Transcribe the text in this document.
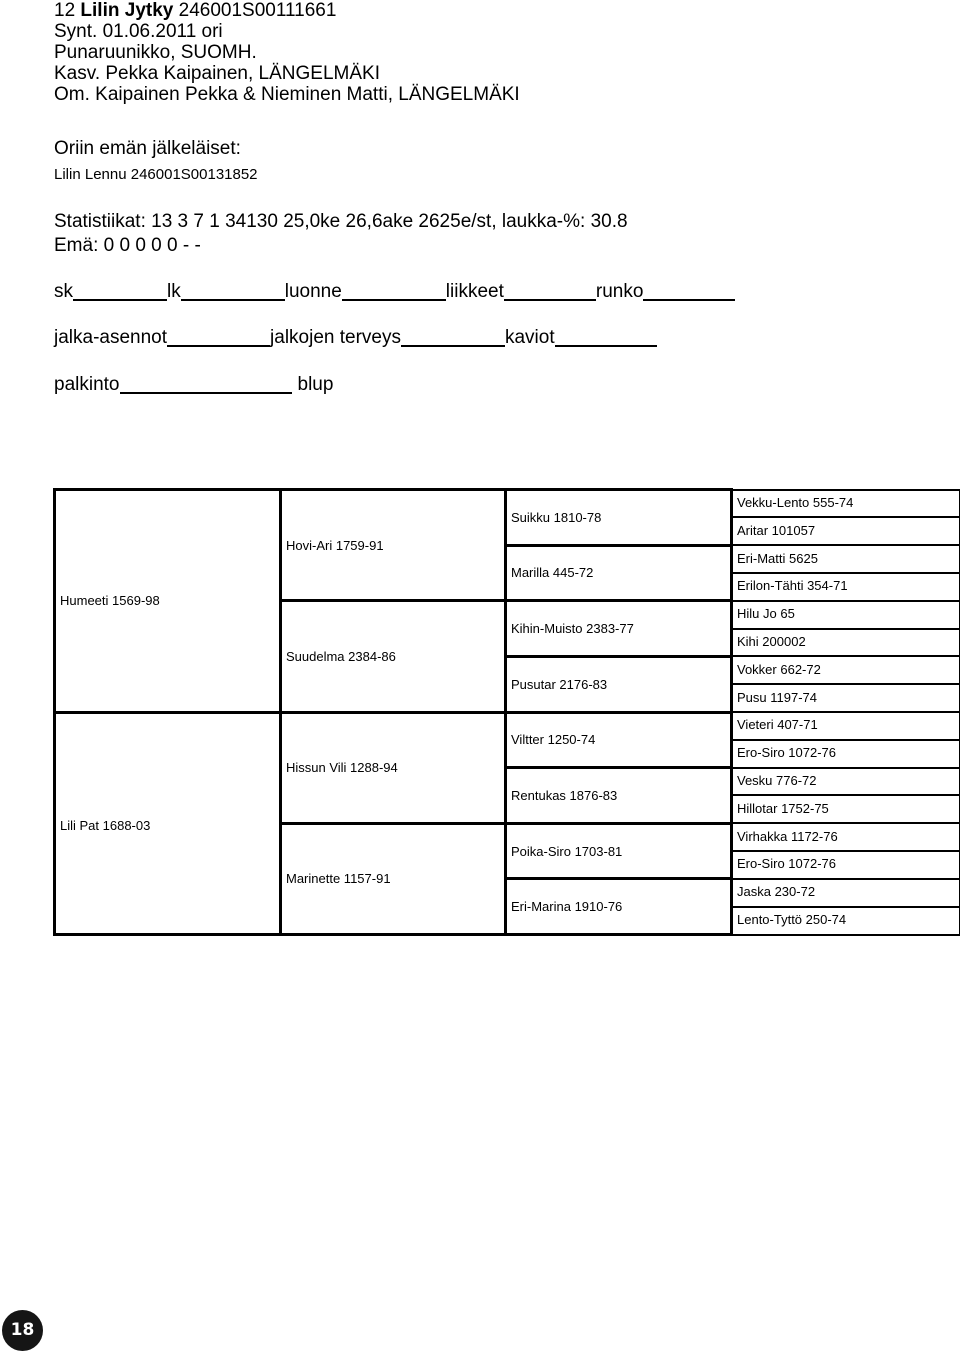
12 Lilin Jytky 246001S00111661
Synt. 01.06.2011 ori
Punaruunikko, SUOMH.
Kasv. Pekka Kaipainen, LÄNGELMÄKI
Om. Kaipainen Pekka & Nieminen Matti, LÄNGELMÄKI
Oriin emän jälkeläiset:
Lilin Lennu 246001S00131852
Statistiikat: 13 3 7 1 34130 25,0ke 26,6ake 2625e/st, laukka-%: 30.8
Emä: 0 0 0 0 0 - -
sk	lk	luonne	liikkeet	runko
jalka-asennot	jalkojen terveys	kaviot
palkinto	blup
Humeeti 1569-98	Hovi-Ari 1759-91	Suikku 1810-78	Vekku-Lento 555-74
			Aritar 101057
		Marilla 445-72	Eri-Matti 5625
			Erilon-Tähti 354-71
	Suudelma 2384-86	Kihin-Muisto 2383-77	Hilu Jo 65
			Kihi 200002
		Pusutar 2176-83	Vokker 662-72
			Pusu 1197-74
Lili Pat 1688-03	Hissun Vili 1288-94	Viltter 1250-74	Vieteri 407-71
			Ero-Siro 1072-76
		Rentukas 1876-83	Vesku 776-72
			Hillotar 1752-75
	Marinette 1157-91	Poika-Siro 1703-81	Virhakka 1172-76
			Ero-Siro 1072-76
		Eri-Marina 1910-76	Jaska 230-72
			Lento-Tyttö 250-74
18
